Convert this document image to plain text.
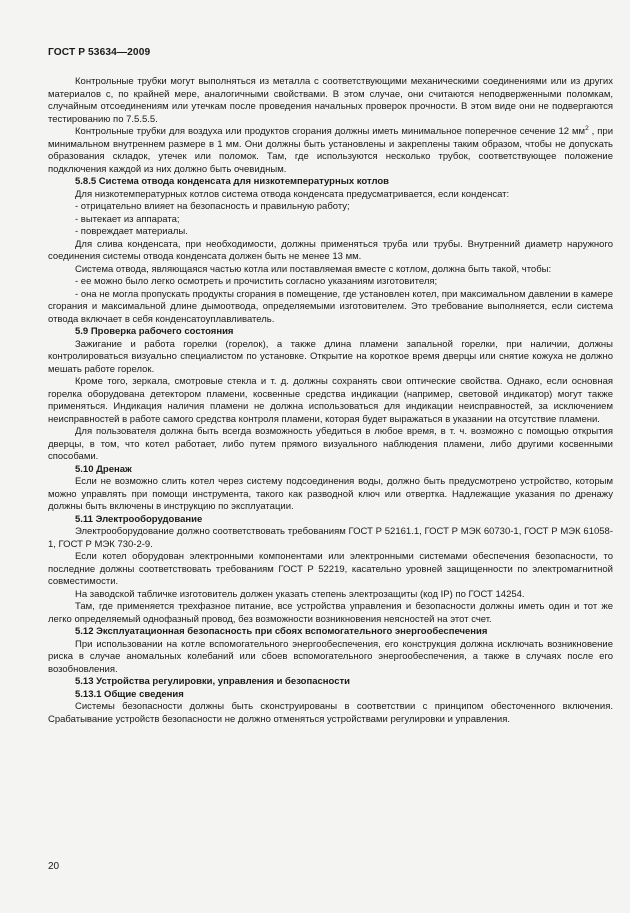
ГОСТ Р 53634—2009

Контрольные трубки могут выполняться из металла с соответствующими механическими соединениями или из других материалов с, по крайней мере, аналогичными свойствами. В этом случае, они считаются неподверженными поломкам, случайным отсоединениям или утечкам после проведения начальных проверок прочности. В этом виде они не подвергаются тестированию по 7.5.5.5.

Контрольные трубки для воздуха или продуктов сгорания должны иметь минимальное поперечное сечение 12 $мм^2$ , при минимальном внутреннем размере в 1 мм. Они должны быть установлены и закреплены таким образом, чтобы не допускать образования складок, утечек или поломок. Там, где используются несколько трубок, соответствующее положение подключения каждой из них должно быть очевидным.

5.8.5 Система отвода конденсата для низкотемпературных котлов

Для низкотемпературных котлов система отвода конденсата предусматривается, если конденсат:

- отрицательно влияет на безопасность и правильную работу;

- вытекает из аппарата;

- повреждает материалы.

Для слива конденсата, при необходимости, должны применяться труба или трубы. Внутренний диаметр наружного соединения системы отвода конденсата должен быть не менее 13 мм.

Система отвода, являющаяся частью котла или поставляемая вместе с котлом, должна быть такой, чтобы:

- ее можно было легко осмотреть и прочистить согласно указаниям изготовителя;

- она не могла пропускать продукты сгорания в помещение, где установлен котел, при максимальном давлении в камере сгорания и максимальной длине дымоотвода, определяемыми изготовителем. Это требование выполняется, если система отвода включает в себя конденсатоуплавливатель.

5.9 Проверка рабочего состояния

Зажигание и работа горелки (горелок), а также длина пламени запальной горелки, при наличии, должны контролироваться визуально специалистом по установке. Открытие на короткое время дверцы или снятие кожуха не должно мешать работе горелок.

Кроме того, зеркала, смотровые стекла и т. д. должны сохранять свои оптические свойства. Однако, если основная горелка оборудована детектором пламени, косвенные средства индикации (например, световой индикатор) могут также применяться. Индикация наличия пламени не должна использоваться для индикации неисправностей, за исключением неисправностей в работе самого средства контроля пламени, которая будет выражаться в указании на отсутствие пламени.

Для пользователя должна быть всегда возможность убедиться в любое время, в т. ч. возможно с помощью открытия дверцы, в том, что котел работает, либо путем прямого визуального наблюдения пламени, либо другими косвенными способами.

5.10 Дренаж

Если не возможно слить котел через систему подсоединения воды, должно быть предусмотрено устройство, которым можно управлять при помощи инструмента, такого как разводной ключ или отвертка. Надлежащие указания по дренажу должны быть включены в инструкцию по эксплуатации.

5.11 Электрооборудование

Электрооборудование должно соответствовать требованиям ГОСТ Р 52161.1, ГОСТ Р МЭК 60730-1, ГОСТ Р МЭК 61058-1, ГОСТ Р МЭК 730-2-9.

Если котел оборудован электронными компонентами или электронными системами обеспечения безопасности, то последние должны соответствовать требованиям ГОСТ Р 52219, касательно уровней защищенности по электромагнитной совместимости.

На заводской табличке изготовитель должен указать степень электрозащиты (код IP) по ГОСТ 14254.

Там, где применяется трехфазное питание, все устройства управления и безопасности должны иметь один и тот же легко определяемый однофазный провод, без возможности возникновения неясностей на этот счет.

5.12 Эксплуатационная безопасность при сбоях вспомогательного энергообеспечения

При использовании на котле вспомогательного энергообеспечения, его конструкция должна исключать возникновение риска в случае аномальных колебаний или сбоев вспомогательного энергообеспечения, а также в случаях после его возобновления.

5.13 Устройства регулировки, управления и безопасности
5.13.1 Общие сведения

Системы безопасности должны быть сконструированы в соответствии с принципом обесточенного включения. Срабатывание устройств безопасности не должно отменяться устройствами регулировки и управления.

20
